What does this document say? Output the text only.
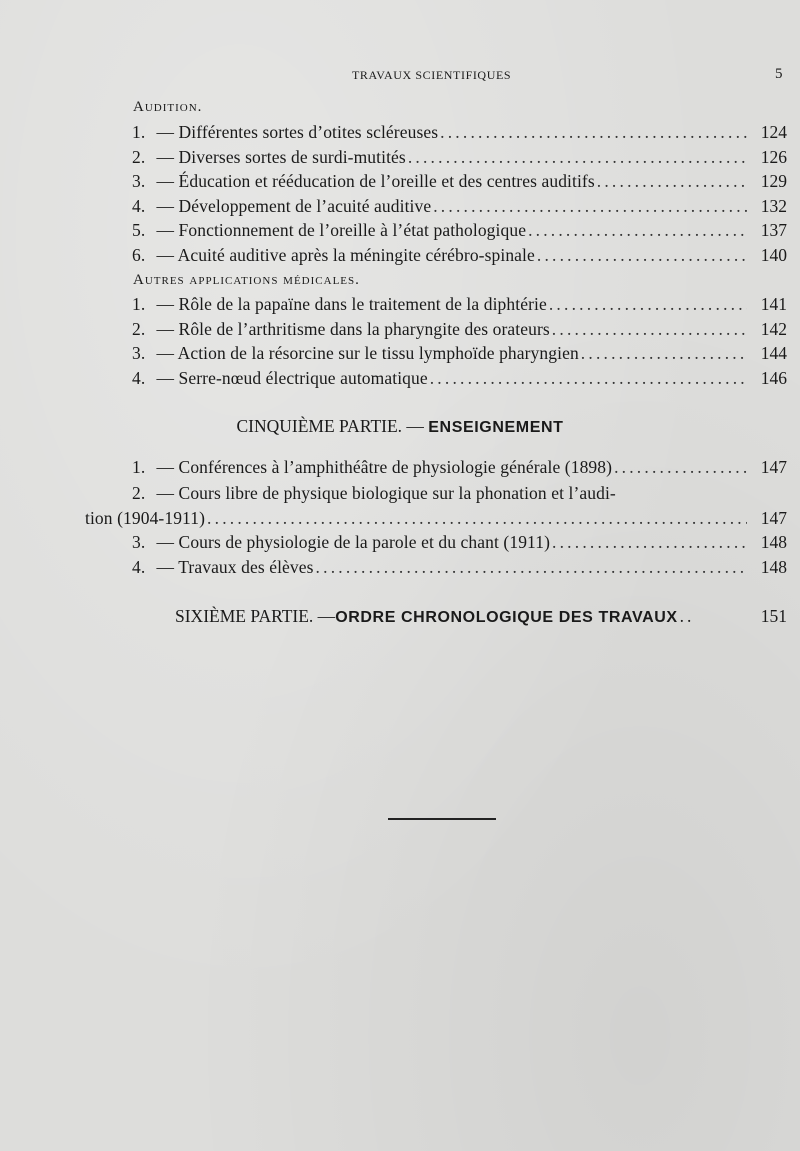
TRAVAUX SCIENTIFIQUES	5
Audition.
1. — Différentes sortes d’otites scléreuses .....	124
2. — Diverses sortes de surdi-mutités .....	126
3. — Éducation et rééducation de l’oreille et des centres auditifs .....	129
4. — Développement de l’acuité auditive .....	132
5. — Fonctionnement de l’oreille à l’état pathologique .....	137
6. — Acuité auditive après la méningite cérébro-spinale .....	140
Autres applications médicales.
1. — Rôle de la papaïne dans le traitement de la diphtérie .....	141
2. — Rôle de l’arthritisme dans la pharyngite des orateurs .....	142
3. — Action de la résorcine sur le tissu lymphoïde pharyngien .....	144
4. — Serre-nœud électrique automatique .....	146
CINQUIÈME PARTIE. — ENSEIGNEMENT
1. — Conférences à l’amphithéâtre de physiologie générale (1898) .....	147
2. — Cours libre de physique biologique sur la phonation et l’audi-
tion (1904-1911) .....	147
3. — Cours de physiologie de la parole et du chant (1911) .....	148
4. — Travaux des élèves .....	148
SIXIÈME PARTIE. — ORDRE CHRONOLOGIQUE DES TRAVAUX ..	151
